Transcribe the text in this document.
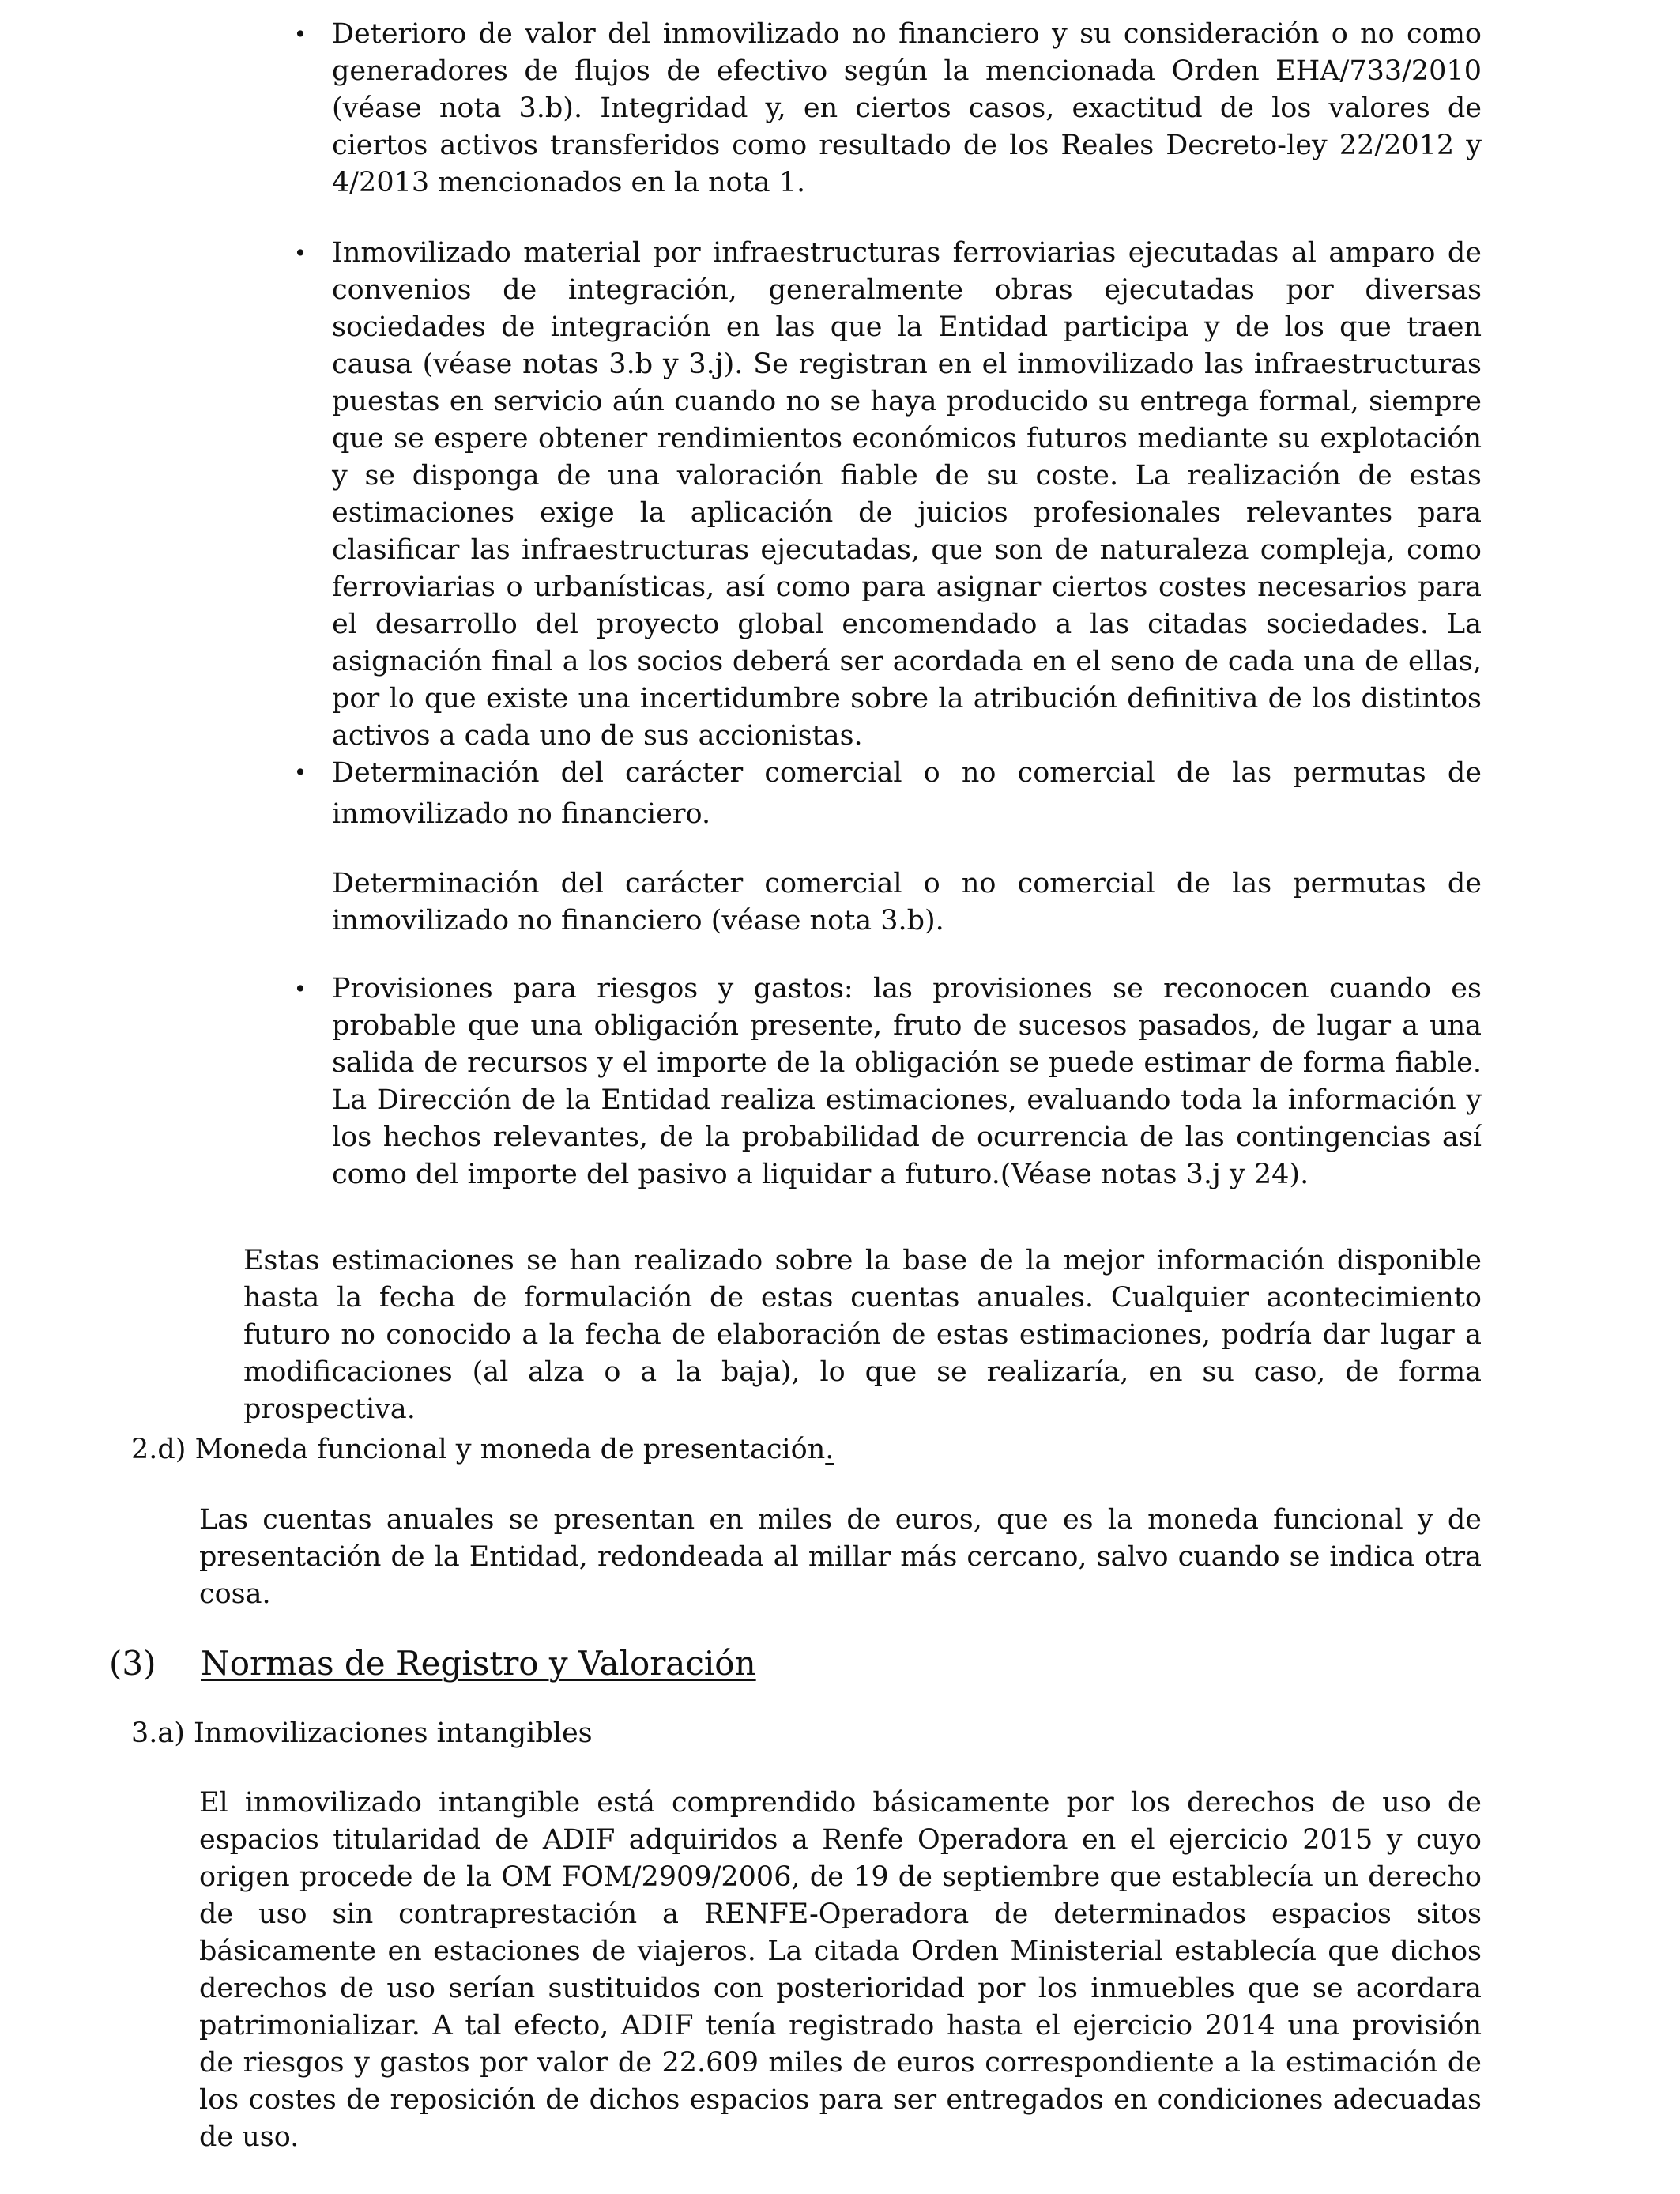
• Deterioro de valor del inmovilizado no financiero y su consideración o no como generadores de flujos de efectivo según la mencionada Orden EHA/733/2010 (véase nota 3.b). Integridad y, en ciertos casos, exactitud de los valores de ciertos activos transferidos como resultado de los Reales Decreto-ley 22/2012 y 4/2013 mencionados en la nota 1.
• Inmovilizado material por infraestructuras ferroviarias ejecutadas al amparo de convenios de integración, generalmente obras ejecutadas por diversas sociedades de integración en las que la Entidad participa y de los que traen causa (véase notas 3.b y 3.j). Se registran en el inmovilizado las infraestructuras puestas en servicio aún cuando no se haya producido su entrega formal, siempre que se espere obtener rendimientos económicos futuros mediante su explotación y se disponga de una valoración fiable de su coste. La realización de estas estimaciones exige la aplicación de juicios profesionales relevantes para clasificar las infraestructuras ejecutadas, que son de naturaleza compleja, como ferroviarias o urbanísticas, así como para asignar ciertos costes necesarios para el desarrollo del proyecto global encomendado a las citadas sociedades. La asignación final a los socios deberá ser acordada en el seno de cada una de ellas, por lo que existe una incertidumbre sobre la atribución definitiva de los distintos activos a cada uno de sus accionistas.
• Determinación del carácter comercial o no comercial de las permutas de inmovilizado no financiero.
Determinación del carácter comercial o no comercial de las permutas de inmovilizado no financiero (véase nota 3.b).
• Provisiones para riesgos y gastos: las provisiones se reconocen cuando es probable que una obligación presente, fruto de sucesos pasados, de lugar a una salida de recursos y el importe de la obligación se puede estimar de forma fiable. La Dirección de la Entidad realiza estimaciones, evaluando toda la información y los hechos relevantes, de la probabilidad de ocurrencia de las contingencias así como del importe del pasivo a liquidar a futuro.(Véase notas 3.j y 24).
Estas estimaciones se han realizado sobre la base de la mejor información disponible hasta la fecha de formulación de estas cuentas anuales. Cualquier acontecimiento futuro no conocido a la fecha de elaboración de estas estimaciones, podría dar lugar a modificaciones (al alza o a la baja), lo que se realizaría, en su caso, de forma prospectiva.
2.d) Moneda funcional y moneda de presentación.
Las cuentas anuales se presentan en miles de euros, que es la moneda funcional y de presentación de la Entidad, redondeada al millar más cercano, salvo cuando se indica otra cosa.
(3)	Normas de Registro y Valoración
3.a) Inmovilizaciones intangibles
El inmovilizado intangible está comprendido básicamente por los derechos de uso de espacios titularidad de ADIF adquiridos a Renfe Operadora en el ejercicio 2015 y cuyo origen procede de la OM FOM/2909/2006, de 19 de septiembre que establecía un derecho de uso sin contraprestación a RENFE-Operadora de determinados espacios sitos básicamente en estaciones de viajeros. La citada Orden Ministerial establecía que dichos derechos de uso serían sustituidos con posterioridad por los inmuebles que se acordara patrimonializar. A tal efecto, ADIF tenía registrado hasta el ejercicio 2014 una provisión de riesgos y gastos por valor de 22.609 miles de euros correspondiente a la estimación de los costes de reposición de dichos espacios para ser entregados en condiciones adecuadas de uso.
